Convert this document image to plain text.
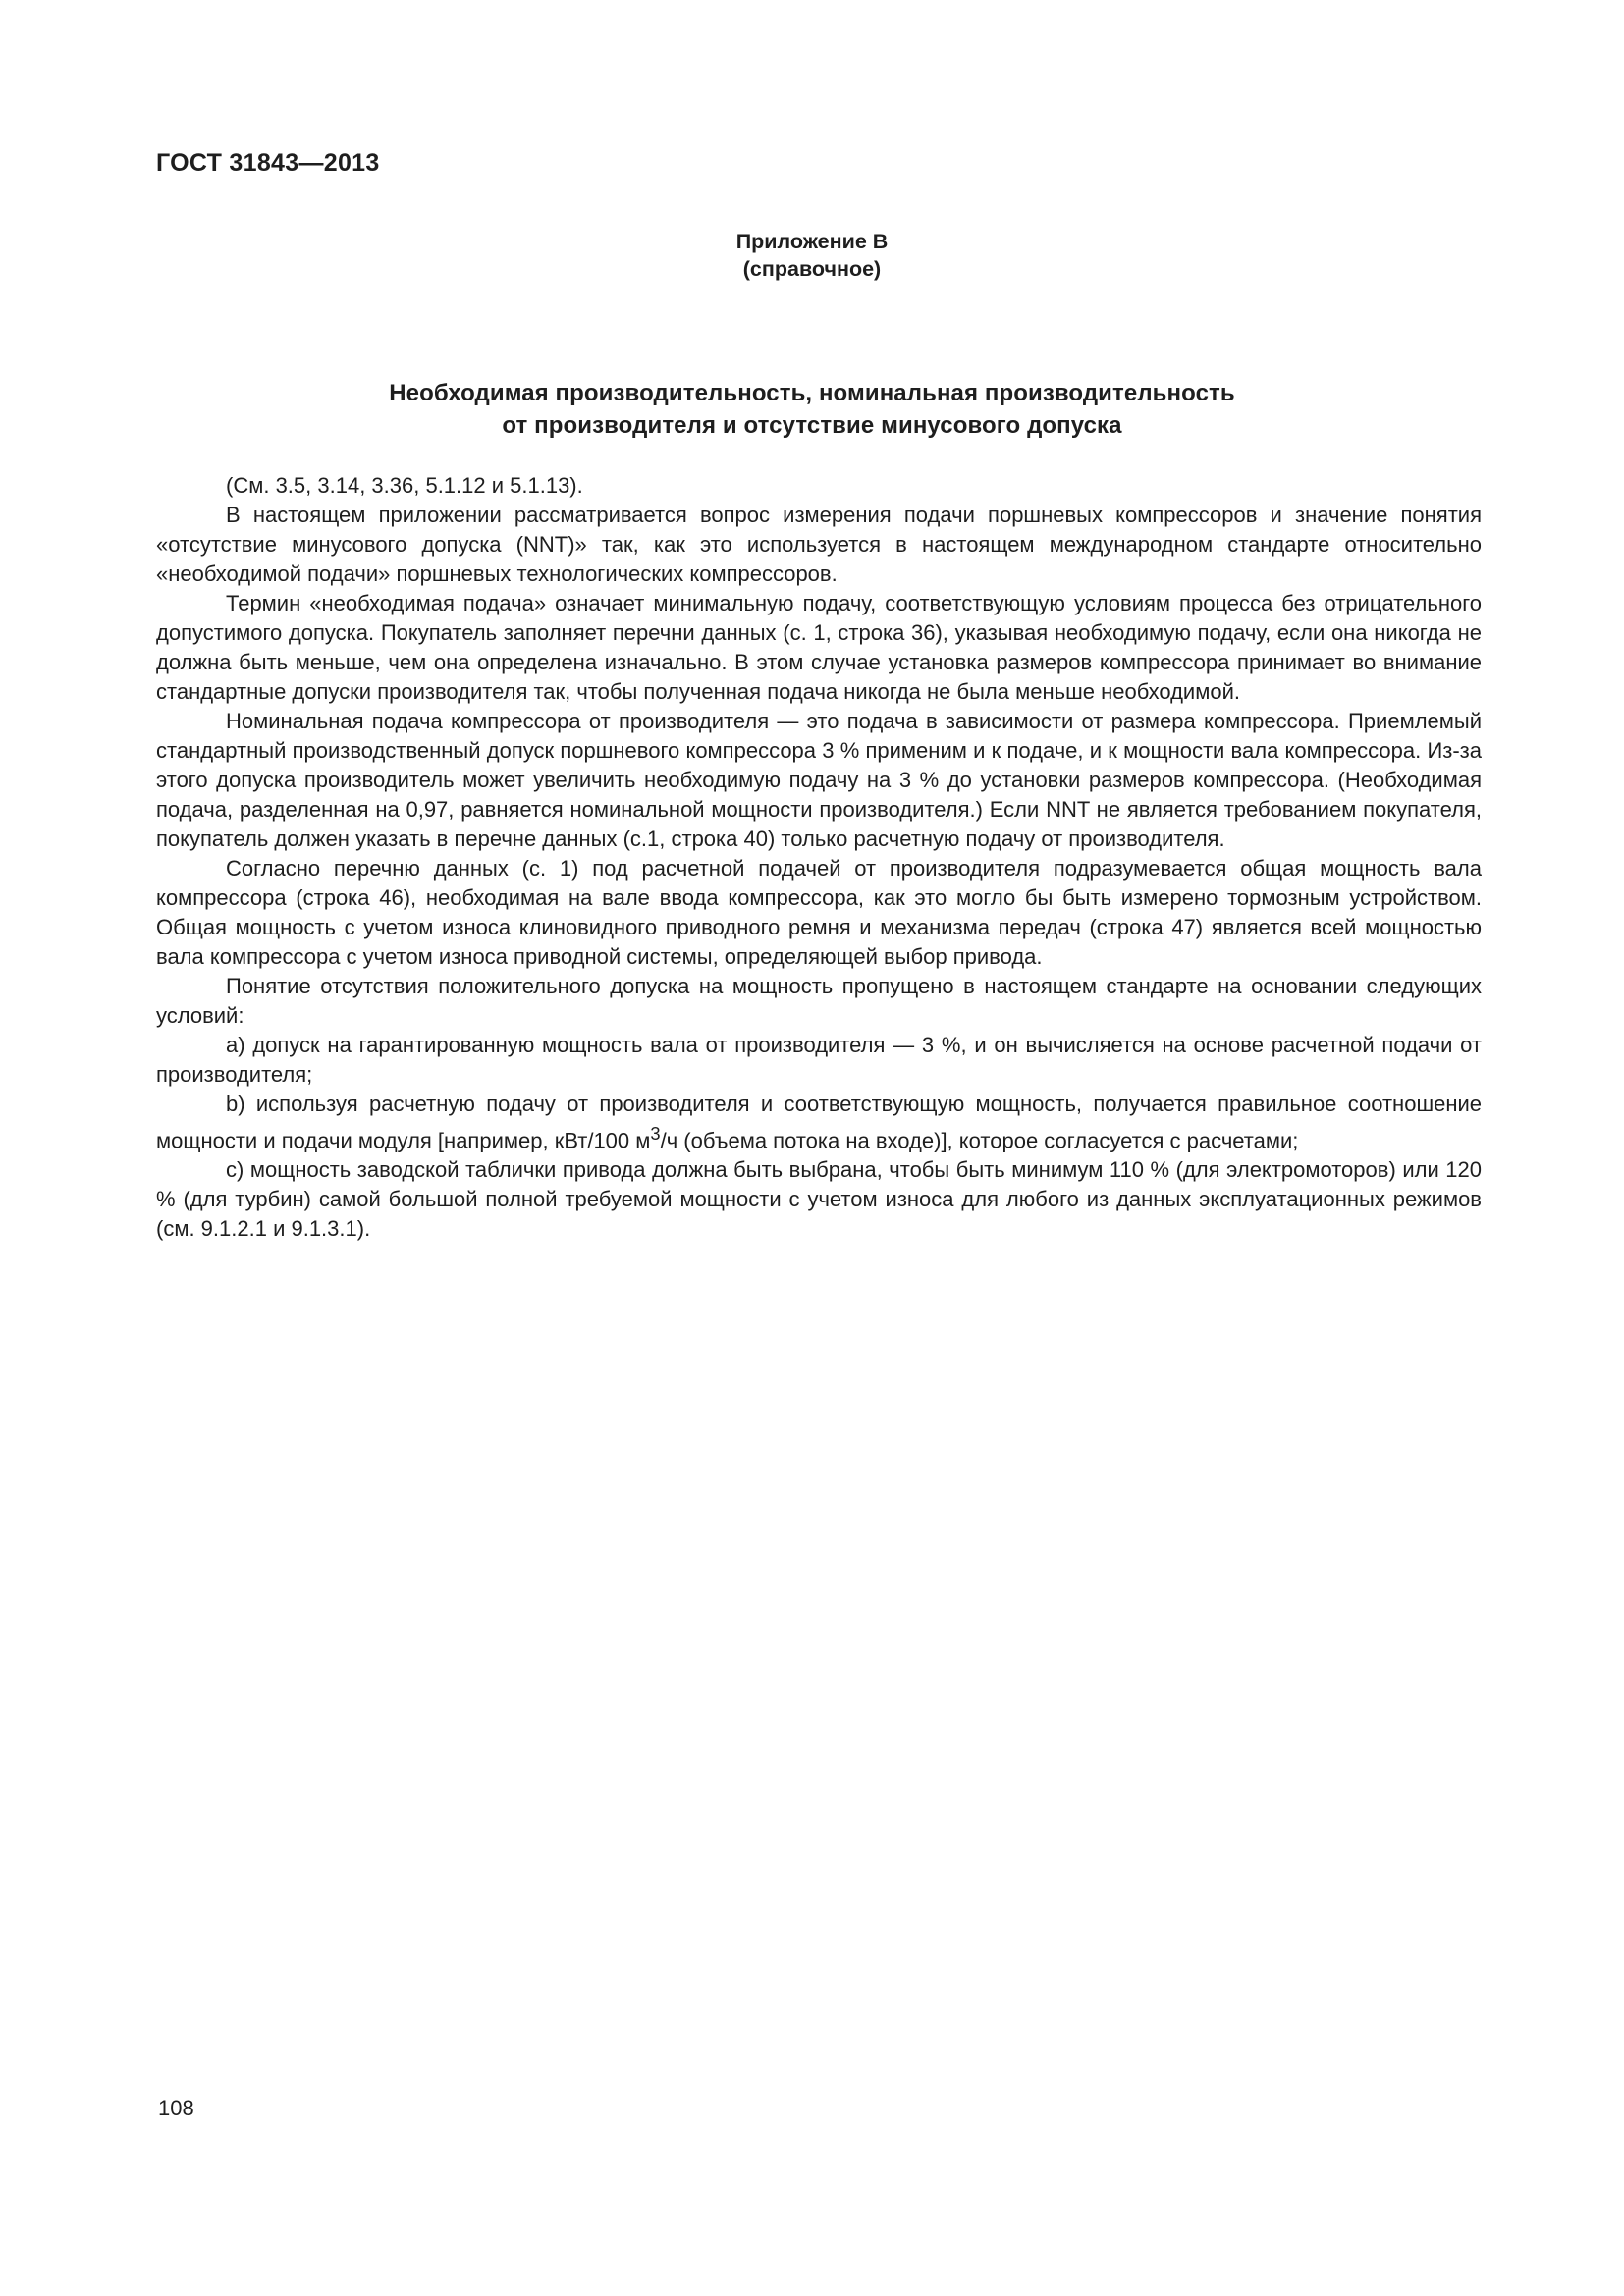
ГОСТ 31843—2013
Приложение В
(справочное)
Необходимая производительность, номинальная производительность
от производителя и отсутствие минусового допуска

(См. 3.5, 3.14, 3.36, 5.1.12 и 5.1.13).

В настоящем приложении рассматривается вопрос измерения подачи поршневых компрессоров и значение понятия «отсутствие минусового допуска (NNT)» так, как это используется в настоящем международном стандарте относительно «необходимой подачи» поршневых технологических компрессоров.

Термин «необходимая подача» означает минимальную подачу, соответствующую условиям процесса без отрицательного допустимого допуска. Покупатель заполняет перечни данных (с. 1, строка 36), указывая необходимую подачу, если она никогда не должна быть меньше, чем она определена изначально. В этом случае установка размеров компрессора принимает во внимание стандартные допуски производителя так, чтобы полученная подача никогда не была меньше необходимой.

Номинальная подача компрессора от производителя — это подача в зависимости от размера компрессора. Приемлемый стандартный производственный допуск поршневого компрессора 3 % применим и к подаче, и к мощности вала компрессора. Из-за этого допуска производитель может увеличить необходимую подачу на 3 % до установки размеров компрессора. (Необходимая подача, разделенная на 0,97, равняется номинальной мощности производителя.) Если NNT не является требованием покупателя, покупатель должен указать в перечне данных (с.1, строка 40) только расчетную подачу от производителя.

Согласно перечню данных (с. 1) под расчетной подачей от производителя подразумевается общая мощность вала компрессора (строка 46), необходимая на вале ввода компрессора, как это могло бы быть измерено тормозным устройством. Общая мощность с учетом износа клиновидного приводного ремня и механизма передач (строка 47) является всей мощностью вала компрессора с учетом износа приводной системы, определяющей выбор привода.

Понятие отсутствия положительного допуска на мощность пропущено в настоящем стандарте на основании следующих условий:

a) допуск на гарантированную мощность вала от производителя — 3 %, и он вычисляется на основе расчетной подачи от производителя;

b) используя расчетную подачу от производителя и соответствующую мощность, получается правильное соотношение мощности и подачи модуля [например, кВт/100 $м^3/ч$ (объема потока на входе)], которое согласуется с расчетами;

c) мощность заводской таблички привода должна быть выбрана, чтобы быть минимум 110 % (для электромоторов) или 120 % (для турбин) самой большой полной требуемой мощности с учетом износа для любого из данных эксплуатационных режимов (см. 9.1.2.1 и 9.1.3.1).

108
